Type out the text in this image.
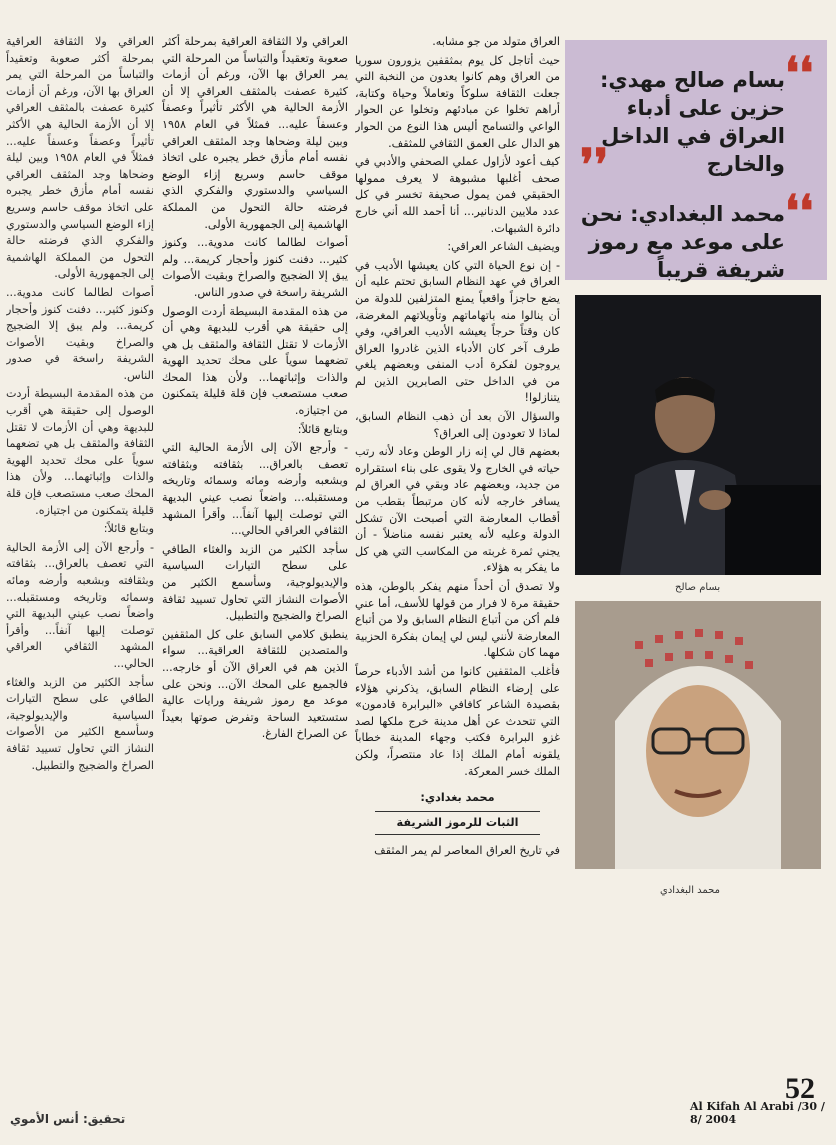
العراقي ولا الثقافة العراقية بمرحلة أكثر صعوبة وتعقيداً والتباساً من المرحلة التي يمر العراق بها الآن، ورغم أن أزمات كثيرة عصفت بالمثقف العراقي إلا أن الأزمة الحالية هي الأكثر تأثيراً وعصفاً وعسفاً عليه... فمثلاً في العام ١٩٥٨ وبين ليلة وضحاها وجد المثقف العراقي نفسه أمام مأزق خطر يجبره على اتخاذ موقف حاسم وسريع إزاء الوضع السياسي والدستوري والفكري الذي فرضته حالة التحول من المملكة الهاشمية إلى الجمهورية الأولى.

أصوات لطالما كانت مدوية... وكنوز كثير... دفنت كنوز وأحجار كريمة... ولم يبق إلا الضجيج والصراخ وبقيت الأصوات الشريفة راسخة في صدور الناس.

من هذه المقدمة البسيطة أردت الوصول إلى حقيقة هي أقرب للبديهة وهي أن الأزمات لا تقتل الثقافة والمثقف بل هي تضعهما سوياً على محك تحديد الهوية والذات وإثباتهما... ولأن هذا المحك صعب مستصعب فإن قلة قليلة يتمكنون من اجتيازه.

وبتابع قائلاً:

- وأرجع الآن إلى الأزمة الحالية التي تعصف بالعراق... بثقافته وبثقافته وبشعبه وأرضه ومائه وسمائه وتاريخه ومستقبله... واضعاً نصب عيني البديهة التي توصلت إليها آنفاً... وأقرأ المشهد الثقافي العراقي الحالي...

سأجد الكثير من الزبد والغثاء الطافي على سطح التيارات السياسية والإيديولوجية، وسأسمع الكثير من الأصوات النشاز التي تحاول تسييد ثقافة الصراخ والضجيج والتطبيل.

العراقي ولا الثقافة العراقية بمرحلة أكثر صعوبة وتعقيداً والتباساً من المرحلة التي يمر العراق بها الآن، ورغم أن أزمات كثيرة عصفت بالمثقف العراقي إلا أن الأزمة الحالية هي الأكثر تأثيراً وعصفاً وعسفاً عليه... فمثلاً في العام ١٩٥٨ وبين ليلة وضحاها وجد المثقف العراقي نفسه أمام مأزق خطر يجبره على اتخاذ موقف حاسم وسريع إزاء الوضع السياسي والدستوري والفكري الذي فرضته حالة التحول من المملكة الهاشمية إلى الجمهورية الأولى.

أصوات لطالما كانت مدوية... وكنوز كثير... دفنت كنوز وأحجار كريمة... ولم يبق إلا الضجيج والصراخ وبقيت الأصوات الشريفة راسخة في صدور الناس.

من هذه المقدمة البسيطة أردت الوصول إلى حقيقة هي أقرب للبديهة وهي أن الأزمات لا تقتل الثقافة والمثقف بل هي تضعهما سوياً على محك تحديد الهوية والذات وإثباتهما... ولأن هذا المحك صعب مستصعب فإن قلة قليلة يتمكنون من اجتيازه.

وبتابع قائلاً:

- وأرجع الآن إلى الأزمة الحالية التي تعصف بالعراق... بثقافته وبثقافته وبشعبه وأرضه ومائه وسمائه وتاريخه ومستقبله... واضعاً نصب عيني البديهة التي توصلت إليها آنفاً... وأقرأ المشهد الثقافي العراقي الحالي...

سأجد الكثير من الزبد والغثاء الطافي على سطح التيارات السياسية والإيديولوجية، وسأسمع الكثير من الأصوات النشاز التي تحاول تسييد ثقافة الصراخ والضجيج والتطبيل.

ينطبق كلامي السابق على كل المثقفين والمتصدين للثقافة العراقية... سواء الذين هم في العراق الآن أو خارجه... فالجميع على المحك الآن... ونحن على موعد مع رموز شريفة ورايات عالية ستستعيد الساحة وتفرض صوتها بعيداً عن الصراخ الفارغ.

العراق متولد من جو مشابه.

حيث أتاجل كل يوم بمثقفين يزورون سوريا من العراق وهم كانوا يعدون من النخبة التي جعلت الثقافة سلوكاً وتعاملاً وحياة وكتابة، أراهم تخلوا عن مبادئهم وتخلوا عن الحوار الواعي والتسامح أليس هذا النوع من الحوار هو الدال على العمق الثقافي للمثقف.

كيف أعود لأزاول عملي الصحفي والأدبي في صحف أغلبها مشبوهة لا يعرف ممولها الحقيقي فمن يمول صحيفة تخسر في كل عدد ملايين الدنانير... أنا أحمد الله أني خارج دائرة الشبهات.

ويضيف الشاعر العراقي:

- إن نوع الحياة التي كان يعيشها الأديب في العراق في عهد النظام السابق تحتم عليه أن يضع حاجزاً واقعياً يمنع المتزلفين للدولة من أن ينالوا منه باتهاماتهم وتأويلاتهم المغرضة، كان وقتاً حرجاً يعيشه الأديب العراقي، وفي طرف آخر كان الأدباء الذين غادروا العراق يروجون لفكرة أدب المنفى وبعضهم يلغي من في الداخل حتى الصابرين الذين لم يتنازلوا!

والسؤال الآن بعد أن ذهب النظام السابق، لماذا لا تعودون إلى العراق؟

بعضهم قال لي إنه زار الوطن وعاد لأنه رتب حياته في الخارج ولا يقوى على بناء استقراره من جديد، وبعضهم عاد وبقي في العراق لم يسافر خارجه لأنه كان مرتبطاً بقطب من أقطاب المعارضة التي أصبحت الآن تشكل الدولة وعليه لأنه يعتبر نفسه مناضلاً - أن يجني ثمرة غربته من المكاسب التي هي كل ما يفكر به هؤلاء.

ولا تصدق أن أحداً منهم يفكر بالوطن، هذه حقيقة مرة لا فرار من قولها للأسف، أما عني فلم أكن من أتباع النظام السابق ولا من أتباع المعارضة لأنني ليس لي إيمان بفكرة الحزبية مهما كان شكلها.

فأغلب المثقفين كانوا من أشد الأدباء حرصاً على إرضاء النظام السابق، يذكرني هؤلاء بقصيدة الشاعر كافافي «البرابرة قادمون» التي تتحدث عن أهل مدينة خرج ملكها لصد غزو البرابرة فكتب وجهاء المدينة خطاباً يلقونه أمام الملك إذا عاد منتصراً، ولكن الملك خسر المعركة.

محمد بغدادي:
الثبات للرموز الشريفة

في تاريخ العراق المعاصر لم يمر المثقف

❛❛
بسام صالح مهدي: حزين على أدباء العراق في الداخل والخارج
❜❜
❛❛
محمد البغدادي: نحن على موعد مع رموز شريفة قريباً
بسام صالح
محمد البغدادي
Al Kifah Al Arabi /30 / 8/ 2004
52
تحقيق: أنس الأموي
